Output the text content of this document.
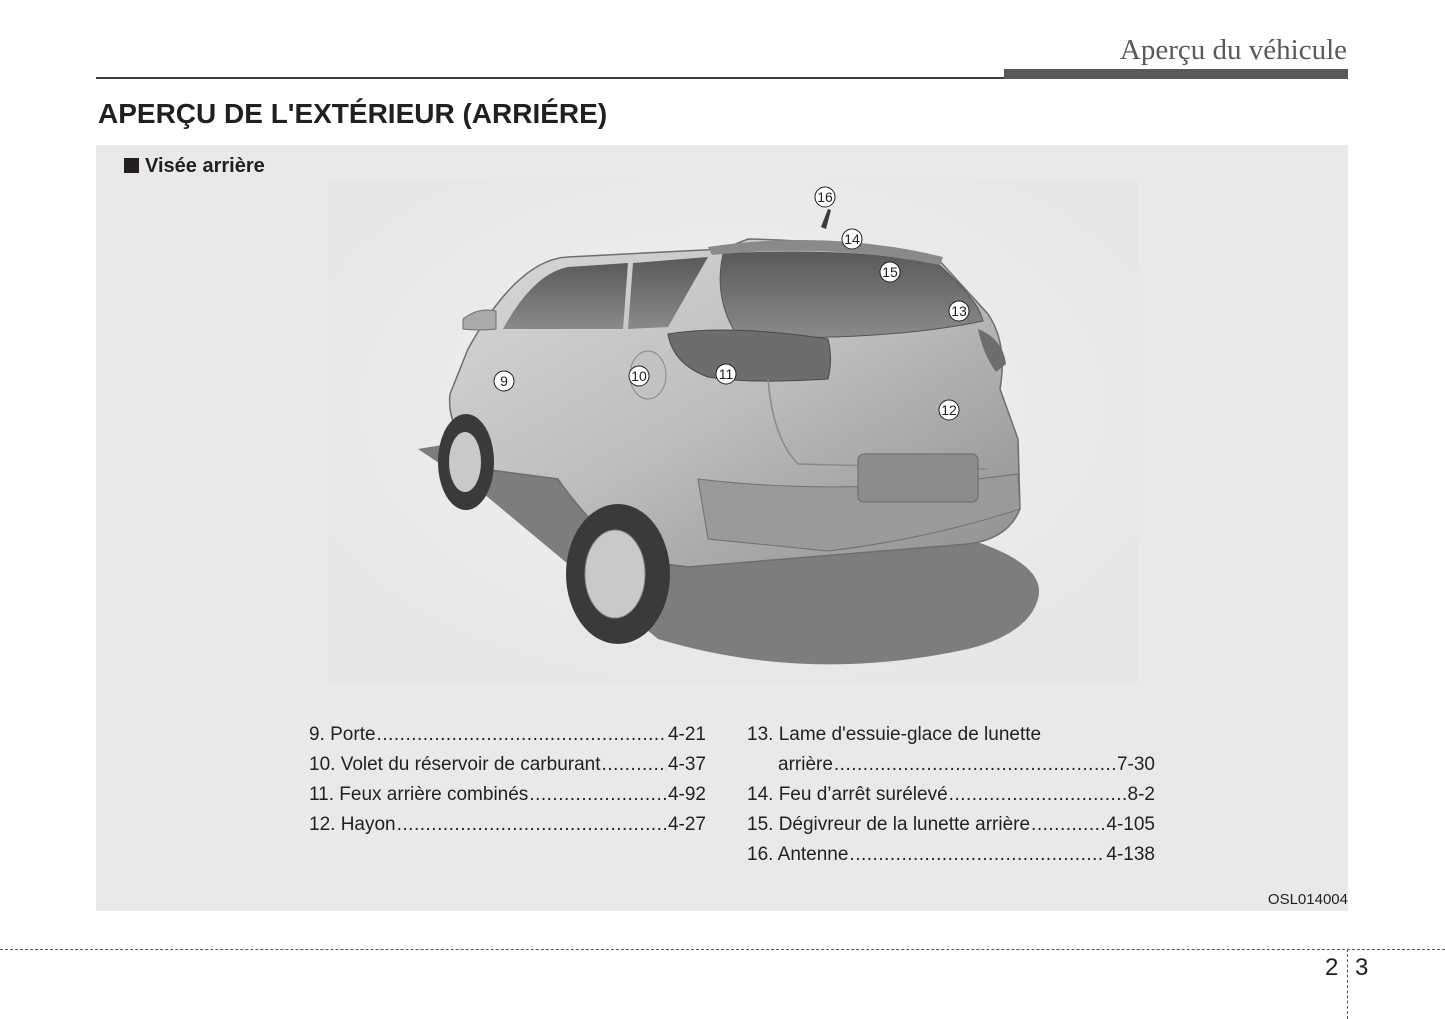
Aperçu du véhicule
APERÇU DE L'EXTÉRIEUR (ARRIÉRE)
Visée arrière
9	10	11
12
13
14
15
16
9. Porte .....	4-21
10. Volet du réservoir de carburant .....	4-37
11. Feux arrière combinés .....	4-92
12. Hayon .....	4-27
13. Lame d'essuie-glace de lunette
arrière .....	7-30
14. Feu d’arrêt surélevé .....	8-2
15. Dégivreur de la lunette arrière .....	4-105
16. Antenne .....	4-138
OSL014004
2 3
